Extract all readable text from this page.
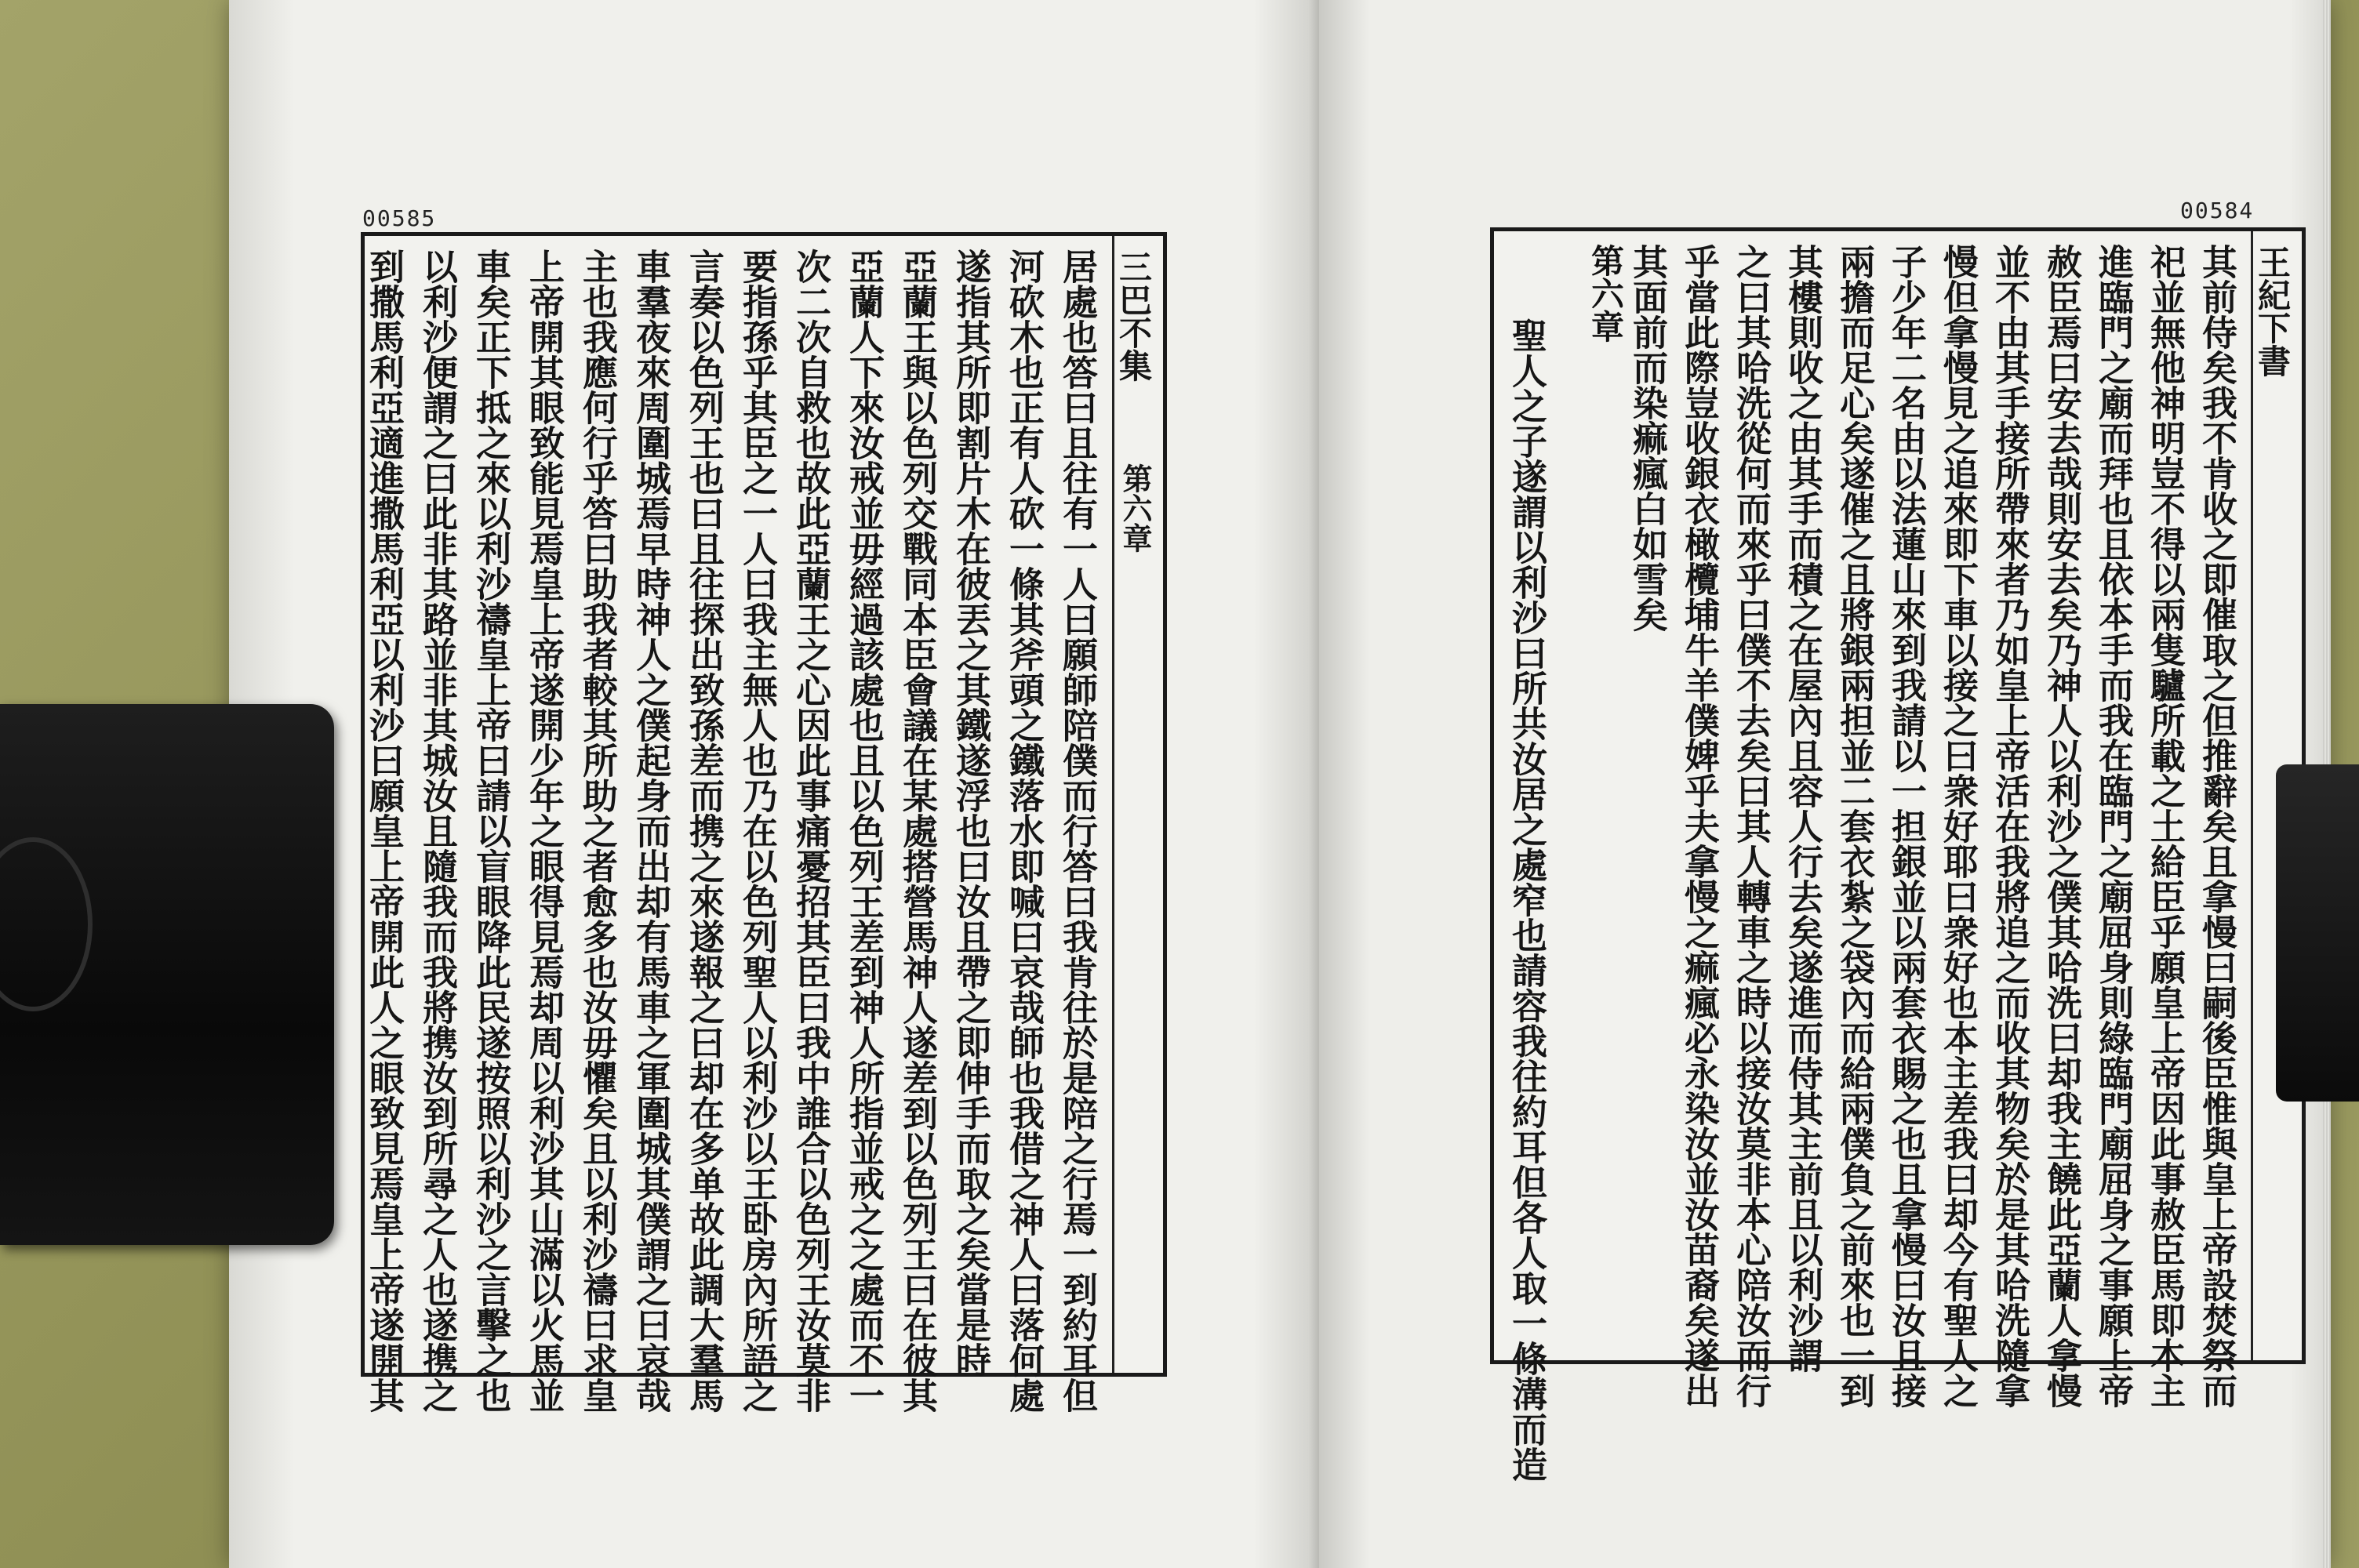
00585
三巴不集
第六章

居處也答曰且往有一人曰願師陪僕而行答曰我肯往於是陪之行焉一到約耳但

河砍木也正有人砍一條其斧頭之鐵落水即喊曰哀哉師也我借之神人曰落何處

遂指其所即割片木在彼丟之其鐵遂浮也曰汝且帶之即伸手而取之矣當是時

亞蘭王與以色列交戰同本臣會議在某處搭營馬神人遂差到以色列王曰在彼其

亞蘭人下來汝戒並毋經過該處也且以色列王差到神人所指並戒之之處而不一

次二次自救也故此亞蘭王之心因此事痛憂招其臣曰我中誰合以色列王汝莫非

要指孫乎其臣之一人曰我主無人也乃在以色列聖人以利沙以王卧房內所語之

言奏以色列王也曰且往探出致孫差而携之來遂報之曰却在多单故此調大羣馬

車羣夜來周圍城焉早時神人之僕起身而出却有馬車之軍圍城其僕謂之曰哀哉

主也我應何行乎答曰助我者較其所助之者愈多也汝毋懼矣且以利沙禱曰求皇

上帝開其眼致能見焉皇上帝遂開少年之眼得見焉却周以利沙其山滿以火馬並

車矣正下抵之來以利沙禱皇上帝曰請以盲眼降此民遂按照以利沙之言擊之也

以利沙便謂之曰此非其路並非其城汝且隨我而我將携汝到所尋之人也遂携之

到撒馬利亞適進撒馬利亞以利沙曰願皇上帝開此人之眼致見焉皇上帝遂開其

00584
王紀下書

其前侍矣我不肯收之即催取之但推辭矣且拿慢曰嗣後臣惟與皇上帝設焚祭而

祀並無他神明豈不得以兩隻驢所載之土給臣乎願皇上帝因此事赦臣馬即本主

進臨門之廟而拜也且依本手而我在臨門之廟屈身則綠臨門廟屈身之事願上帝

赦臣焉曰安去哉則安去矣乃神人以利沙之僕其哈洗曰却我主饒此亞蘭人拿慢

並不由其手接所帶來者乃如皇上帝活在我將追之而收其物矣於是其哈洗隨拿

慢但拿慢見之追來即下車以接之曰衆好耶曰衆好也本主差我曰却今有聖人之

子少年二名由以法蓮山來到我請以一担銀並以兩套衣賜之也且拿慢曰汝且接

兩擔而足心矣遂催之且將銀兩担並二套衣紮之袋內而給兩僕負之前來也一到

其樓則收之由其手而積之在屋內且容人行去矣遂進而侍其主前且以利沙謂

之曰其哈洗從何而來乎曰僕不去矣曰其人轉車之時以接汝莫非本心陪汝而行

乎當此際豈收銀衣橄欖埔牛羊僕婢乎夫拿慢之痲瘋必永染汝並汝苗裔矣遂出

其面前而染痲瘋白如雪矣

第六章

聖人之子遂謂以利沙曰所共汝居之處窄也請容我往約耳但各人取一條溝而造
